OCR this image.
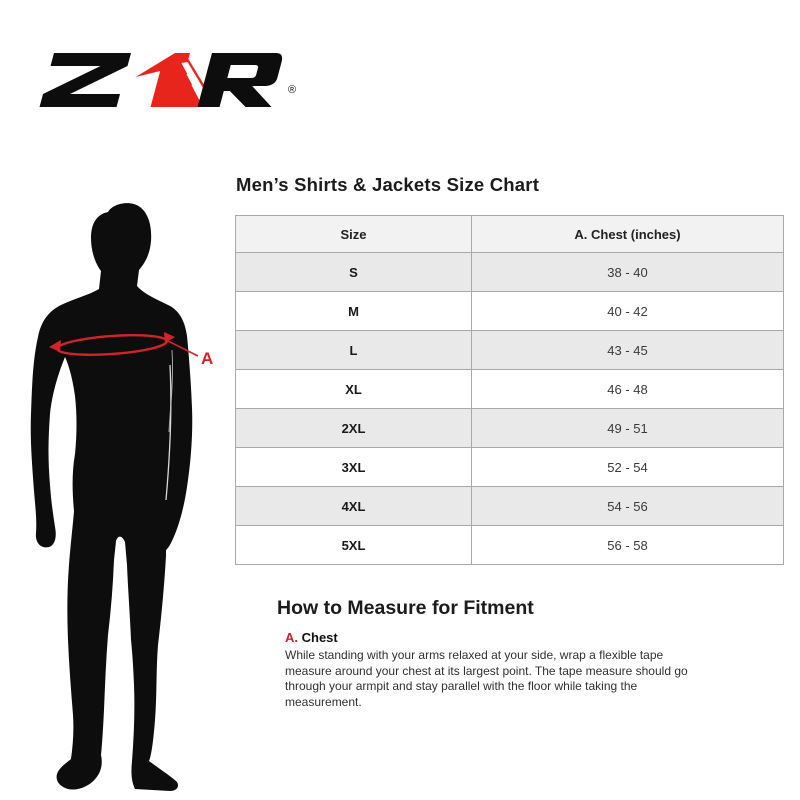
®
A
Men’s Shirts & Jackets Size Chart
Size	A. Chest (inches)
S	38 - 40
M	40 - 42
L	43 - 45
XL	46 - 48
2XL	49 - 51
3XL	52 - 54
4XL	54 - 56
5XL	56 - 58
How to Measure for Fitment
A. Chest
While standing with your arms relaxed at your side, wrap a flexible tape measure around your chest at its largest point. The tape measure should go through your armpit and stay parallel with the floor while taking the measurement.
